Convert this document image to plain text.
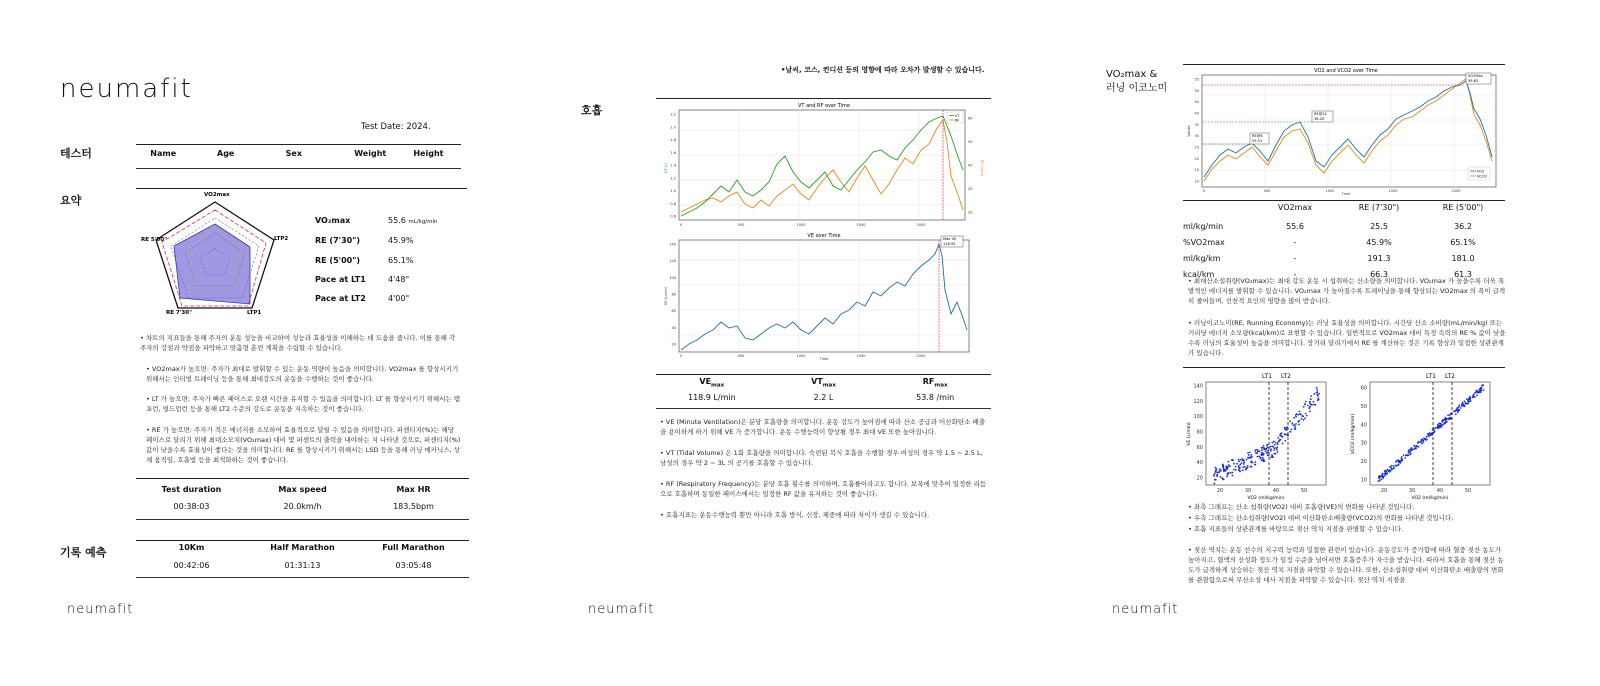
neumafit
Test Date: 2024.
테스터	Name	Age	Sex	Weight	Height
요약	VO2max
LTP2
LTP1
RE 7'30"
RE 5'00"
VO₂max	55.6 mL/kg/min
RE (7'30")	45.9%
RE (5'00")	65.1%
Pace at LT1	4'48"
Pace at LT2	4'00"
• 차트의 지표들을 통해 주자의 운동 성능을 비교하여 성능과 효율성을 이해하는 데 도움을 줍니다. 이를 통해 각 주자의 강점과 약점을 파악하고 맞춤형 훈련 계획을 수립할 수 있습니다.
• VO2max가 높으면: 주자가 최대로 발휘할 수 있는 운동 역량이 높음을 의미합니다. VO2max 를 향상시키기 위해서는 인터벌 트레이닝 등을 통해 최대강도의 운동을 수행하는 것이 좋습니다.
• LT 가 높으면: 주자가 빠른 페이스로 오랜 시간을 유지할 수 있음을 의미합니다. LT 를 향상시키기 위해서는 템포런, 빌드업런 등을 통해 LT2 수준의 강도로 운동을 지속하는 것이 좋습니다.
• RE 가 높으면: 주자가 적은 에너지를 소모하여 효율적으로 달릴 수 있음을 의미합니다. 퍼센티지(%)는 해당 페이스로 달리기 위해 최대소모치(VO₂max) 대비 몇 퍼센트의 출력을 내야하는 지 나타낸 것으로, 퍼센티지(%) 값이 낮을수록 효율성이 좋다는 것을 의미합니다. RE 를 향상시키기 위해서는 LSD 등을 통해 러닝 메카닉스, 상체 움직임, 호흡법 등을 최적화하는 것이 좋습니다.
Test duration	Max speed	Max HR
00:38:03	20.0km/h	183.5bpm
기록 예측	10Km	Half Marathon	Full Marathon
00:42:06	01:31:13	03:05:48
neumafit
•날씨, 코스, 컨디션 등의 영향에 따라 오차가 발생할 수 있습니다.
호흡	VT and RF over Time
2.2
2.0
1.8
1.6
1.4
1.2
1.0
0.8
0.6
60
50
40
30
20
0	500	1000	1500	2000
VT (L)	RF (/min)
VT
RF
VE over Time
140
120
100
80
60
40
20
0	500	1000	1500	2000
VE (L/min)
Time
Max VE
116.92
$VE_{max}$	$VT_{max}$	$RF_{max}$
118.9 L/min	2.2 L	53.8 /min
• VE (Minute Ventilation)은 분당 호흡량을 의미합니다. 운동 강도가 높아짐에 따라 산소 공급과 이산화탄소 배출을 용이하게 하기 위해 VE 가 증가합니다. 운동 수행능력이 향상될 경우 최대 VE 또한 높아집니다.
• VT (Tidal Volume) 은 1회 호흡량을 의미합니다. 숙련된 복식 호흡을 수행할 경우 여성의 경우 약 1.5 ~ 2.5 L, 남성의 경우 약 2 ~ 3L 의 공기를 호흡할 수 있습니다.
• RF (Respiratory Frequency)는 분당 호흡 횟수를 의미하며, 호흡률이라고도 합니다. 보폭에 맞추어 일정한 리듬으로 호흡하며 동일한 페이스에서는 일정한 RF 값을 유지하는 것이 좋습니다.
• 호흡지표는 운동수행능력 뿐만 아니라 호흡 방식, 신장, 체중에 따라 차이가 생길 수 있습니다.
neumafit
VO₂max &
러닝 이코노미
VO2 and VCO2 over Time
55
50
45
40
35
30
25
20
15
10
0	500	1000	1500	2000
Values
Time
RE@8
29.51
RE@12
36.20
VO2Max
59.62
VO2
VCO2
VO2max	RE (7'30")	RE (5'00")
ml/kg/min	55.6	25.5	36.2
%VO2max	-	45.9%	65.1%
ml/kg/km	-	191.3	181.0
kcal/km	-	66.3	61.3
• 최대산소섭취량(VO₂max)는 최대 강도 운동 시 섭취하는 산소량을 의미합니다. VO₂max 가 높을수록 더욱 폭발적인 에너지를 발휘할 수 있습니다. VO₂max 가 높아질수록 트레이닝을 통해 향상되는 VO2max 의 폭이 급격히 줄어들며, 선천적 요인의 영향을 많이 받습니다.
• 러닝이코노미(RE, Running Economy)는 러닝 효율성을 의미합니다. 시간당 산소 소비량(mL/min/kg) 또는 거리당 에너지 소모량(kcal/km)로 표현할 수 있습니다. 일반적으로 VO2max 대비 특정 속력의 RE % 값이 낮을수록 러닝의 효율성이 높음을 의미합니다. 장거리 달리기에서 RE 를 계산하는 것은 기록 향상과 밀접한 상관관계가 있습니다.
140
120
100
80
60
40
20
20	30	40	50
VE (L/min)
VO2 (ml/kg/min)
LT1 LT2
60
50
40
30
20
10
20	30	40	50
VCO2 (ml/kg/min)
VO2 (ml/kg/min)
LT1 LT2
• 좌측 그래프는 산소 섭취량(VO2) 대비 호흡량(VE)의 변화를 나타낸 것입니다.
• 우측 그래프는 산소섭취량(VO2) 대비 이산화탄소배출량(VCO2)의 변화를 나타낸 것입니다.
• 호흡 지표들의 상관관계를 바탕으로 젖산 역치 지점을 판별할 수 있습니다.
• 젖산 역치는 운동 선수의 지구력 능력과 밀접한 관련이 있습니다. 운동강도가 증가함에 따라 혈중 젖산 농도가 높아지고, 혈액의 산성화 정도가 일정 수준을 넘어서면 호흡증추가 자극을 받습니다. 따라서 호흡을 통해 젖산 농도가 급격하게 상승하는 젖산 역치 지점을 파악할 수 있습니다. 또한, 산소섭취량 대비 이산화탄소 배출량의 변화를 관찰함으로써 무산소성 대사 지점을 파악할 수 있습니다. 젖산 역치 지점을
neumafit
